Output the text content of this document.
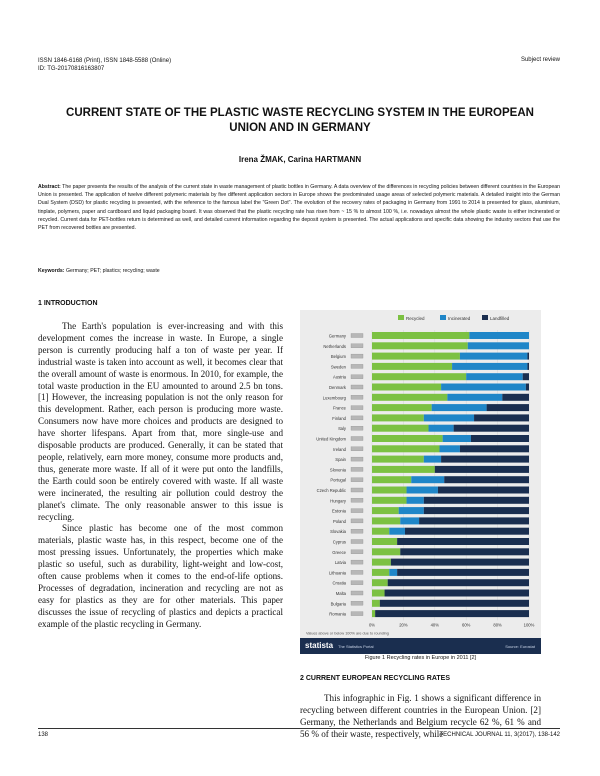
ISSN 1846-6168 (Print), ISSN 1848-5588 (Online)
ID: TG-20170816163807
Subject review
CURRENT STATE OF THE PLASTIC WASTE RECYCLING SYSTEM IN THE EUROPEAN UNION AND IN GERMANY
Irena ŽMAK, Carina HARTMANN
Abstract: The paper presents the results of the analysis of the current state in waste management of plastic bottles in Germany. A data overview of the differences in recycling policies between different countries in the European Union is presented. The application of twelve different polymeric materials by five different application sectors in Europe shows the predominated usage areas of selected polymeric materials. A detailed insight into the German Dual System (DSD) for plastic recycling is presented, with the reference to the famous label the "Green Dot". The evolution of the recovery rates of packaging in Germany from 1991 to 2014 is presented for glass, aluminium, tinplate, polymers, paper and cardboard and liquid packaging board. It was observed that the plastic recycling rate has risen from ~ 15 % to almost 100 %, i.e. nowadays almost the whole plastic waste is either incinerated or recycled. Current data for PET-bottles return is determined as well, and detailed current information regarding the deposit system is presented. The actual applications and specific data showing the industry sectors that use the PET from recovered bottles are presented.
Keywords: Germany; PET; plastics; recycling; waste
1 INTRODUCTION

The Earth's population is ever-increasing and with this development comes the increase in waste. In Europe, a single person is currently producing half a ton of waste per year. If industrial waste is taken into account as well, it becomes clear that the overall amount of waste is enormous. In 2010, for example, the total waste production in the EU amounted to around 2.5 bn tons. [1] However, the increasing population is not the only reason for this development. Rather, each person is producing more waste. Consumers now have more choices and products are designed to have shorter lifespans. Apart from that, more single-use and disposable products are produced. Generally, it can be stated that people, relatively, earn more money, consume more products and, thus, generate more waste. If all of it were put onto the landfills, the Earth could soon be entirely covered with waste. If all waste were incinerated, the resulting air pollution could destroy the planet's climate. The only reasonable answer to this issue is recycling.

Since plastic has become one of the most common materials, plastic waste has, in this respect, become one of the most pressing issues. Unfortunately, the properties which make plastic so useful, such as durability, light-weight and low-cost, often cause problems when it comes to the end-of-life options. Processes of degradation, incineration and recycling are not as easy for plastics as they are for other materials. This paper discusses the issue of recycling of plastics and depicts a practical example of the plastic recycling in Germany.

Recycled	Incinerated	Landfilled
0%	20%	40%	60%	80%	100%
Germany
Netherlands
Belgium
Sweden
Austria
Denmark
Luxembourg
France
Finland
Italy
United Kingdom
Ireland
Spain
Slovenia
Portugal
Czech Republic
Hungary
Estonia
Poland
Slovakia
Cyprus
Greece
Latvia
Lithuania
Croatia
Malta
Bulgaria
Romania
Values above or below 100% are due to rounding
statista The Statistics Portal	Source: Eurostat
Figure 1 Recycling rates in Europe in 2011 [2]
2 CURRENT EUROPEAN RECYCLING RATES

This infographic in Fig. 1 shows a significant difference in recycling between different countries in the European Union. [2] Germany, the Netherlands and Belgium recycle 62 %, 61 % and 56 % of their waste, respectively, while

138	TECHNICAL JOURNAL 11, 3(2017), 138-142
